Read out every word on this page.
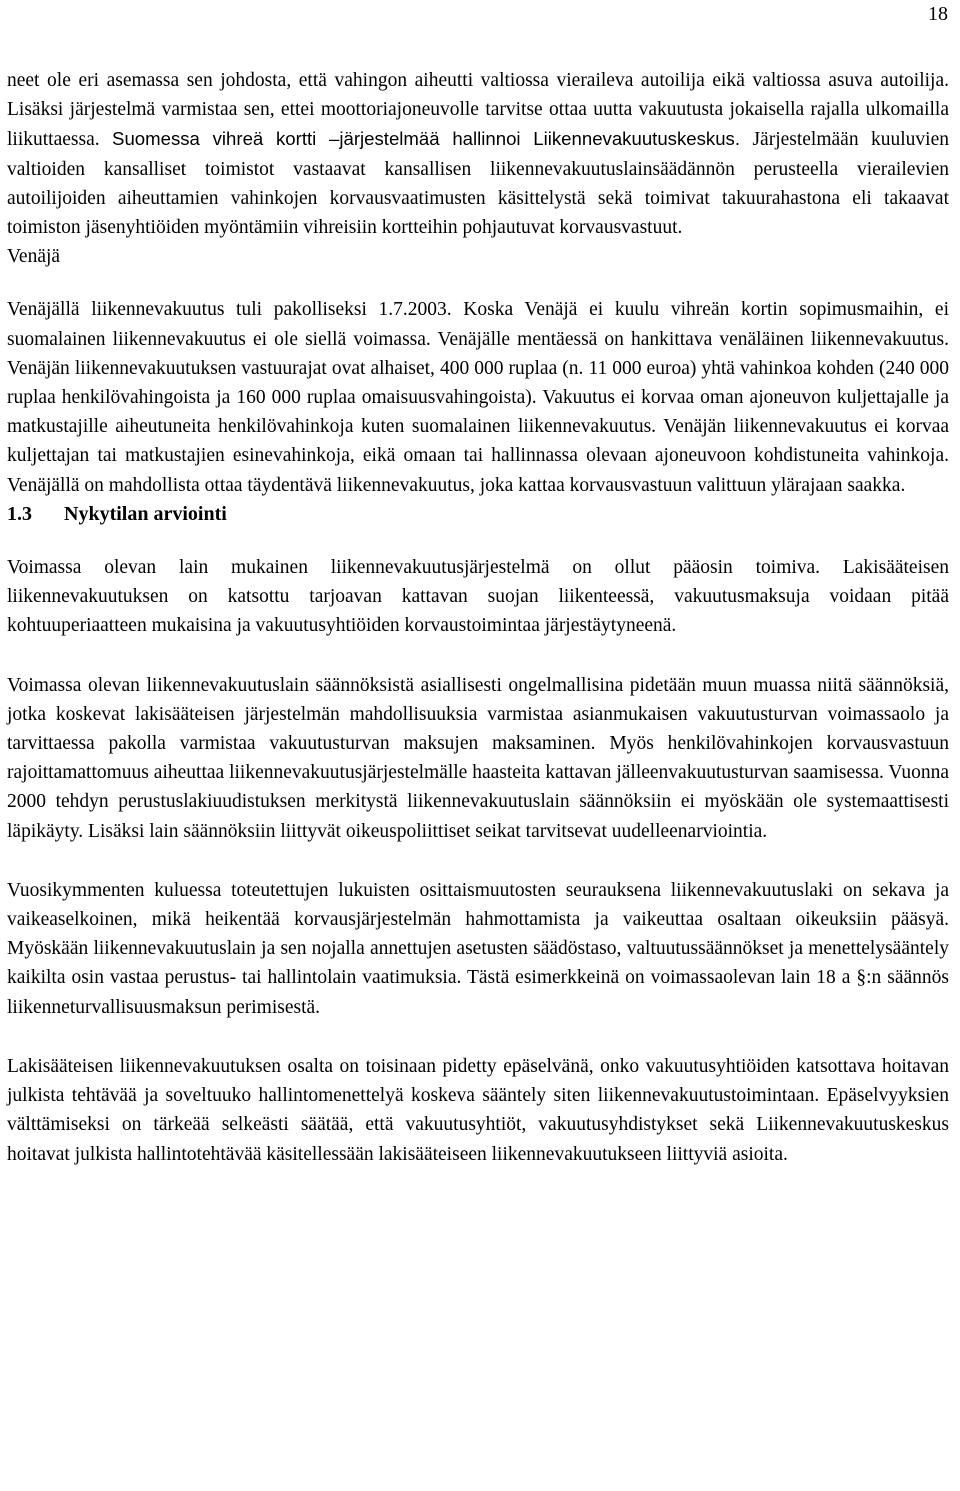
18

neet ole eri asemassa sen johdosta, että vahingon aiheutti valtiossa vieraileva autoilija eikä valtiossa asuva autoilija. Lisäksi järjestelmä varmistaa sen, ettei moottoriajoneuvolle tarvitse ottaa uutta vakuutusta jokaisella rajalla ulkomailla liikuttaessa. Suomessa vihreä kortti –järjestelmää hallinnoi Liikennevakuutuskeskus. Järjestelmään kuuluvien valtioiden kansalliset toimistot vastaavat kansallisen liikennevakuutuslainsäädännön perusteella vierailevien autoilijoiden aiheuttamien vahinkojen korvausvaatimusten käsittelystä sekä toimivat takuurahastona eli takaavat toimiston jäsenyhtiöiden myöntämiin vihreisiin kortteihin pohjautuvat korvausvastuut.

Venäjä

Venäjällä liikennevakuutus tuli pakolliseksi 1.7.2003. Koska Venäjä ei kuulu vihreän kortin sopimusmaihin, ei suomalainen liikennevakuutus ei ole siellä voimassa. Venäjälle mentäessä on hankittava venäläinen liikennevakuutus. Venäjän liikennevakuutuksen vastuurajat ovat alhaiset, 400 000 ruplaa (n. 11 000 euroa) yhtä vahinkoa kohden (240 000 ruplaa henkilövahingoista ja 160 000 ruplaa omaisuusvahingoista). Vakuutus ei korvaa oman ajoneuvon kuljettajalle ja matkustajille aiheutuneita henkilövahinkoja kuten suomalainen liikennevakuutus. Venäjän liikennevakuutus ei korvaa kuljettajan tai matkustajien esinevahinkoja, eikä omaan tai hallinnassa olevaan ajoneuvoon kohdistuneita vahinkoja. Venäjällä on mahdollista ottaa täydentävä liikennevakuutus, joka kattaa korvausvastuun valittuun ylärajaan saakka.

1.3	Nykytilan arviointi

Voimassa olevan lain mukainen liikennevakuutusjärjestelmä on ollut pääosin toimiva. Lakisääteisen liikennevakuutuksen on katsottu tarjoavan kattavan suojan liikenteessä, vakuutusmaksuja voidaan pitää kohtuuperiaatteen mukaisina ja vakuutusyhtiöiden korvaustoimintaa järjestäytyneenä.

Voimassa olevan liikennevakuutuslain säännöksistä asiallisesti ongelmallisina pidetään muun muassa niitä säännöksiä, jotka koskevat lakisääteisen järjestelmän mahdollisuuksia varmistaa asianmukaisen vakuutusturvan voimassaolo ja tarvittaessa pakolla varmistaa vakuutusturvan maksujen maksaminen. Myös henkilövahinkojen korvausvastuun rajoittamattomuus aiheuttaa liikennevakuutusjärjestelmälle haasteita kattavan jälleenvakuutusturvan saamisessa. Vuonna 2000 tehdyn perustuslakiuudistuksen merkitystä liikennevakuutuslain säännöksiin ei myöskään ole systemaattisesti läpikäyty. Lisäksi lain säännöksiin liittyvät oikeuspoliittiset seikat tarvitsevat uudelleenarviointia.

Vuosikymmenten kuluessa toteutettujen lukuisten osittaismuutosten seurauksena liikennevakuutuslaki on sekava ja vaikeaselkoinen, mikä heikentää korvausjärjestelmän hahmottamista ja vaikeuttaa osaltaan oikeuksiin pääsyä. Myöskään liikennevakuutuslain ja sen nojalla annettujen asetusten säädöstaso, valtuutussäännökset ja menettelysääntely kaikilta osin vastaa perustus- tai hallintolain vaatimuksia. Tästä esimerkkeinä on voimassaolevan lain 18 a §:n säännös liikenneturvallisuusmaksun perimisestä.

Lakisääteisen liikennevakuutuksen osalta on toisinaan pidetty epäselvänä, onko vakuutusyhtiöiden katsottava hoitavan julkista tehtävää ja soveltuuko hallintomenettelyä koskeva sääntely siten liikennevakuutustoimintaan. Epäselvyyksien välttämiseksi on tärkeää selkeästi säätää, että vakuutusyhtiöt, vakuutusyhdistykset sekä Liikennevakuutuskeskus hoitavat julkista hallintotehtävää käsitellessään lakisääteiseen liikennevakuutukseen liittyviä asioita.
